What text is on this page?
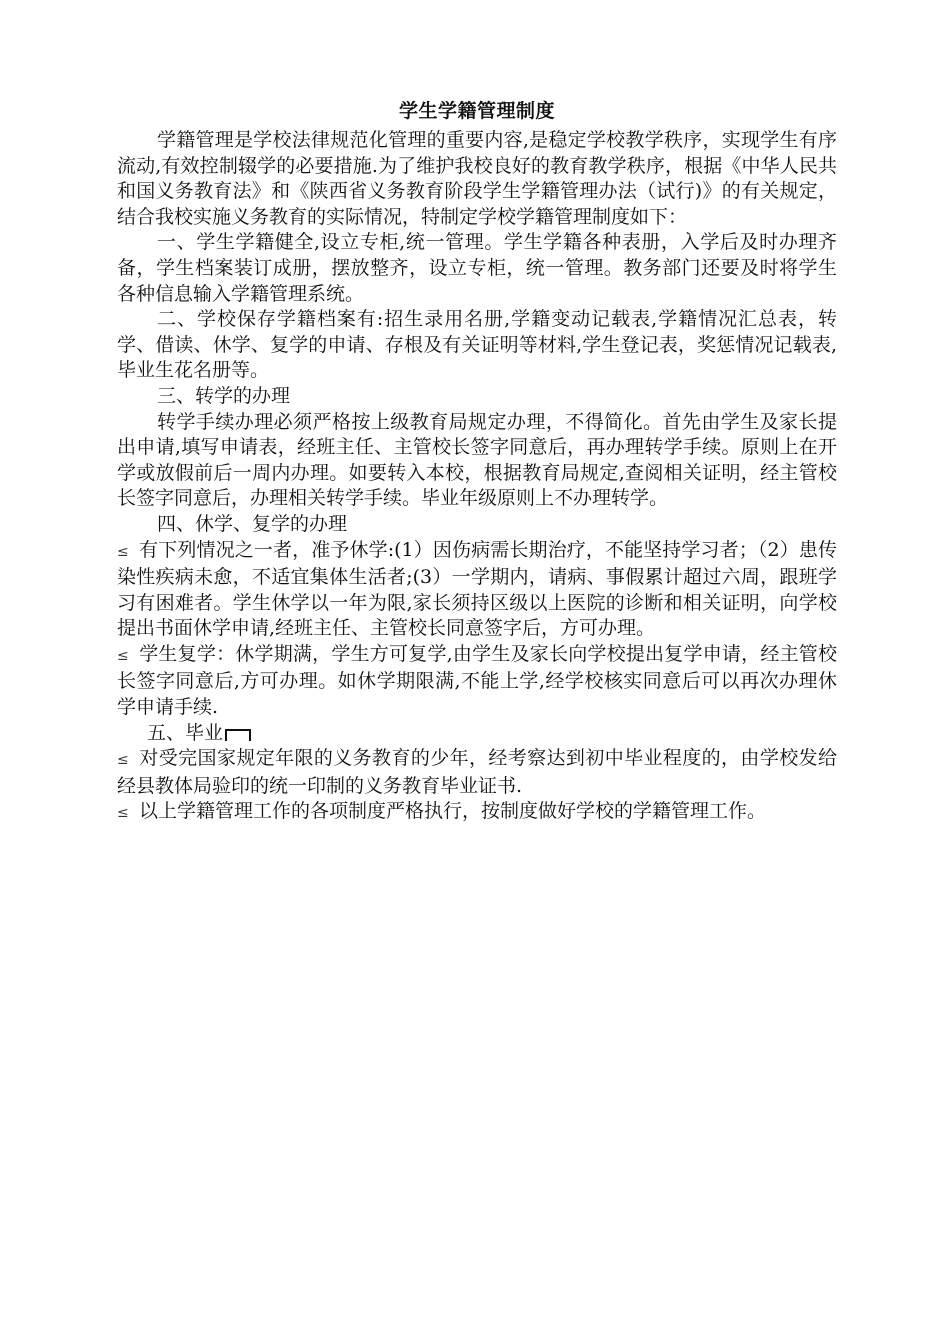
学生学籍管理制度

学籍管理是学校法律规范化管理的重要内容,是稳定学校教学秩序，实现学生有序流动,有效控制辍学的必要措施.为了维护我校良好的教育教学秩序，根据《中华人民共和国义务教育法》和《陕西省义务教育阶段学生学籍管理办法（试行)》的有关规定，结合我校实施义务教育的实际情况，特制定学校学籍管理制度如下：

一、学生学籍健全,设立专柜,统一管理。学生学籍各种表册，入学后及时办理齐备，学生档案装订成册，摆放整齐，设立专柜，统一管理。教务部门还要及时将学生各种信息输入学籍管理系统。

二、学校保存学籍档案有:招生录用名册,学籍变动记载表,学籍情况汇总表，转学、借读、休学、复学的申请、存根及有关证明等材料,学生登记表，奖惩情况记载表,毕业生花名册等。

三、转学的办理

转学手续办理必须严格按上级教育局规定办理，不得简化。首先由学生及家长提出申请,填写申请表，经班主任、主管校长签字同意后，再办理转学手续。原则上在开学或放假前后一周内办理。如要转入本校，根据教育局规定,查阅相关证明，经主管校长签字同意后，办理相关转学手续。毕业年级原则上不办理转学。

四、休学、复学的办理

≤ 有下列情况之一者，准予休学:(1）因伤病需长期治疗，不能坚持学习者；（2）患传染性疾病未愈，不适宜集体生活者;(3）一学期内，请病、事假累计超过六周，跟班学习有困难者。学生休学以一年为限,家长须持区级以上医院的诊断和相关证明，向学校提出书面休学申请,经班主任、主管校长同意签字后，方可办理。

≤ 学生复学：休学期满，学生方可复学,由学生及家长向学校提出复学申请，经主管校长签字同意后,方可办理。如休学期限满,不能上学,经学校核实同意后可以再次办理休学申请手续.

五、毕业

≤ 对受完国家规定年限的义务教育的少年，经考察达到初中毕业程度的，由学校发给经县教体局验印的统一印制的义务教育毕业证书.

≤ 以上学籍管理工作的各项制度严格执行，按制度做好学校的学籍管理工作。
